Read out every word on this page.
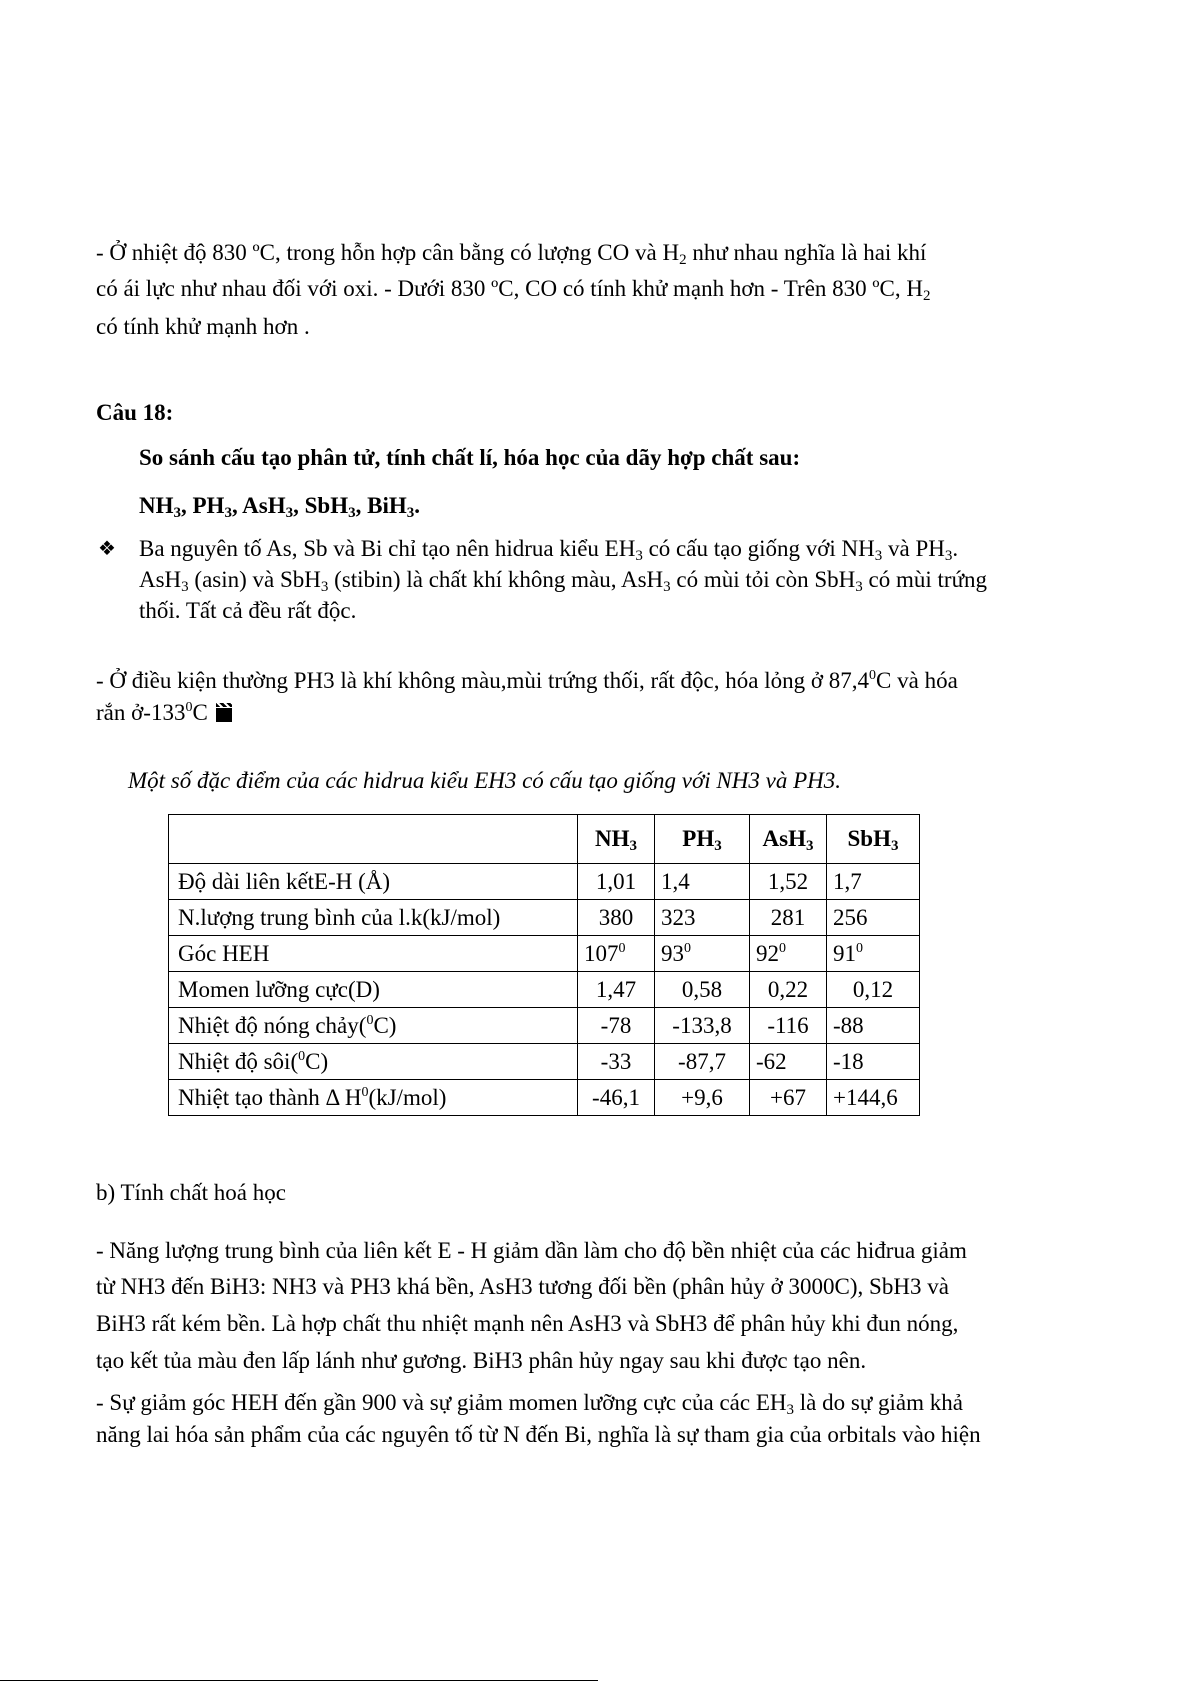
- Ở nhiệt độ 830 ºC, trong hỗn hợp cân bằng có lượng CO và $H_2$ như nhau nghĩa là hai khí
có ái lực như nhau đối với oxi. - Dưới 830 ºC, CO có tính khử mạnh hơn - Trên 830 ºC, $H_2$
có tính khử mạnh hơn .
Câu 18:
So sánh cấu tạo phân tử, tính chất lí, hóa học của dãy hợp chất sau:
$NH_3$, $PH_3$, AsH$_3$, SbH$_3$, BiH$_3$.
❖ Ba nguyên tố As, Sb và Bi chỉ tạo nên hidrua kiểu $EH_3$ có cấu tạo giống với $NH_3$ và $PH_3$.
AsH$_3$ (asin) và SbH$_3$ (stibin) là chất khí không màu, AsH$_3$ có mùi tỏi còn SbH$_3$ có mùi trứng
thối. Tất cả đều rất độc.
- Ở điều kiện thường PH3 là khí không màu,mùi trứng thối, rất độc, hóa lỏng ở 87,4$^0$C và hóa
rắn $ở-133^0C$
Một số đặc điểm của các hidrua kiểu EH3 có cấu tạo giống với NH3 và PH3.
	$NH_3$	$PH_3$	AsH$_3$	SbH$_3$
Độ dài liên kếtE-H (Å)	1,01	1,4	1,52	1,7
N.lượng trung bình của l.k(kJ/mol)	380	323	281	256
Góc HEH	$107^0$	$93^0$	$92^0$	$91^0$
Momen lưỡng cực(D)	1,47	0,58	0,22	0,12
Nhiệt độ nóng chảy($^0$C)	-78	-133,8	-116	-88
Nhiệt độ sôi($^0$C)	-33	-87,7	-62	-18
Nhiệt tạo thành Δ $H^0(kJ/mol)$	-46,1	+9,6	+67	+144,6
b) Tính chất hoá học
- Năng lượng trung bình của liên kết E - H giảm dần làm cho độ bền nhiệt của các hiđrua giảm
từ NH3 đến BiH3: NH3 và PH3 khá bền, AsH3 tương đối bền (phân hủy ở 3000C), SbH3 và
BiH3 rất kém bền. Là hợp chất thu nhiệt mạnh nên AsH3 và SbH3 để phân hủy khi đun nóng,
tạo kết tủa màu đen lấp lánh như gương. BiH3 phân hủy ngay sau khi được tạo nên.
- Sự giảm góc HEH đến gần 900 và sự giảm momen lưỡng cực của các $EH_3$ là do sự giảm khả
năng lai hóa sản phẩm của các nguyên tố từ N đến Bi, nghĩa là sự tham gia của orbitals vào hiện
